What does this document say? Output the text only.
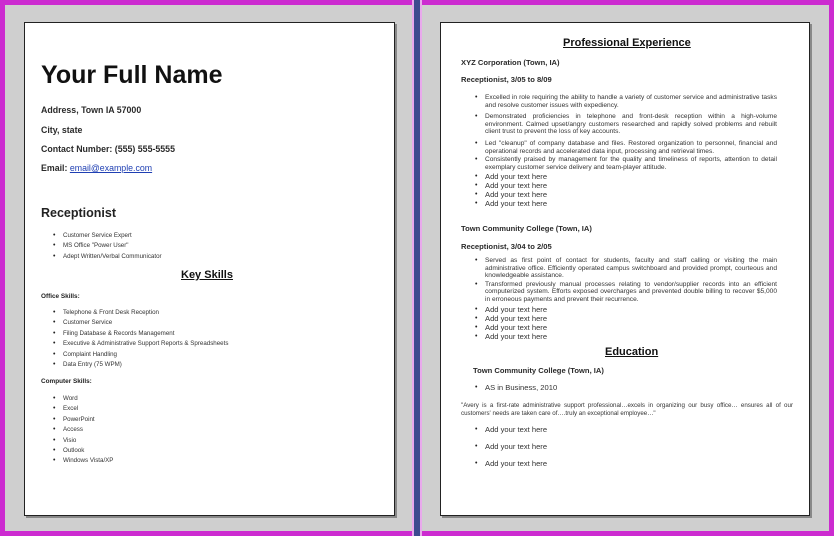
Your Full Name
Address, Town IA 57000
City, state
Contact Number: (555) 555-5555
Email: email@example.com
Receptionist
• Customer Service Expert
• MS Office "Power User"
• Adept Written/Verbal Communicator
Key Skills
Office Skills:
• Telephone & Front Desk Reception
• Customer Service
• Filing Database & Records Management
• Executive & Administrative Support Reports & Spreadsheets
• Complaint Handling
• Data Entry (75 WPM)
Computer Skills:
• Word
• Excel
• PowerPoint
• Access
• Visio
• Outlook
• Windows Vista/XP
Professional Experience
XYZ Corporation (Town, IA)
Receptionist, 3/05 to 8/09
• Excelled in role requiring the ability to handle a variety of customer service and administrative tasks and resolve customer issues with expediency.
• Demonstrated proficiencies in telephone and front-desk reception within a high-volume environment. Calmed upset/angry customers researched and rapidly solved problems and rebuilt client trust to prevent the loss of key accounts.
• Led "cleanup" of company database and files. Restored organization to personnel, financial and operational records and accelerated data input, processing and retrieval times.
• Consistently praised by management for the quality and timeliness of reports, attention to detail exemplary customer service delivery and team-player attitude.
• Add your text here
• Add your text here
• Add your text here
• Add your text here
Town Community College (Town, IA)
Receptionist, 3/04 to 2/05
• Served as first point of contact for students, faculty and staff calling or visiting the main administrative office. Efficiently operated campus switchboard and provided prompt, courteous and knowledgeable assistance.
• Transformed previously manual processes relating to vendor/supplier records into an efficient computerized system. Efforts exposed overcharges and prevented double billing to recover $5,000 in erroneous payments and prevent their recurrence.
• Add your text here
• Add your text here
• Add your text here
• Add your text here
Education
Town Community College (Town, IA)
• AS in Business, 2010
"Avery is a first-rate administrative support professional…excels in organizing our busy office… ensures all of our customers' needs are taken care of….truly an exceptional employee…"
• Add your text here
• Add your text here
• Add your text here
